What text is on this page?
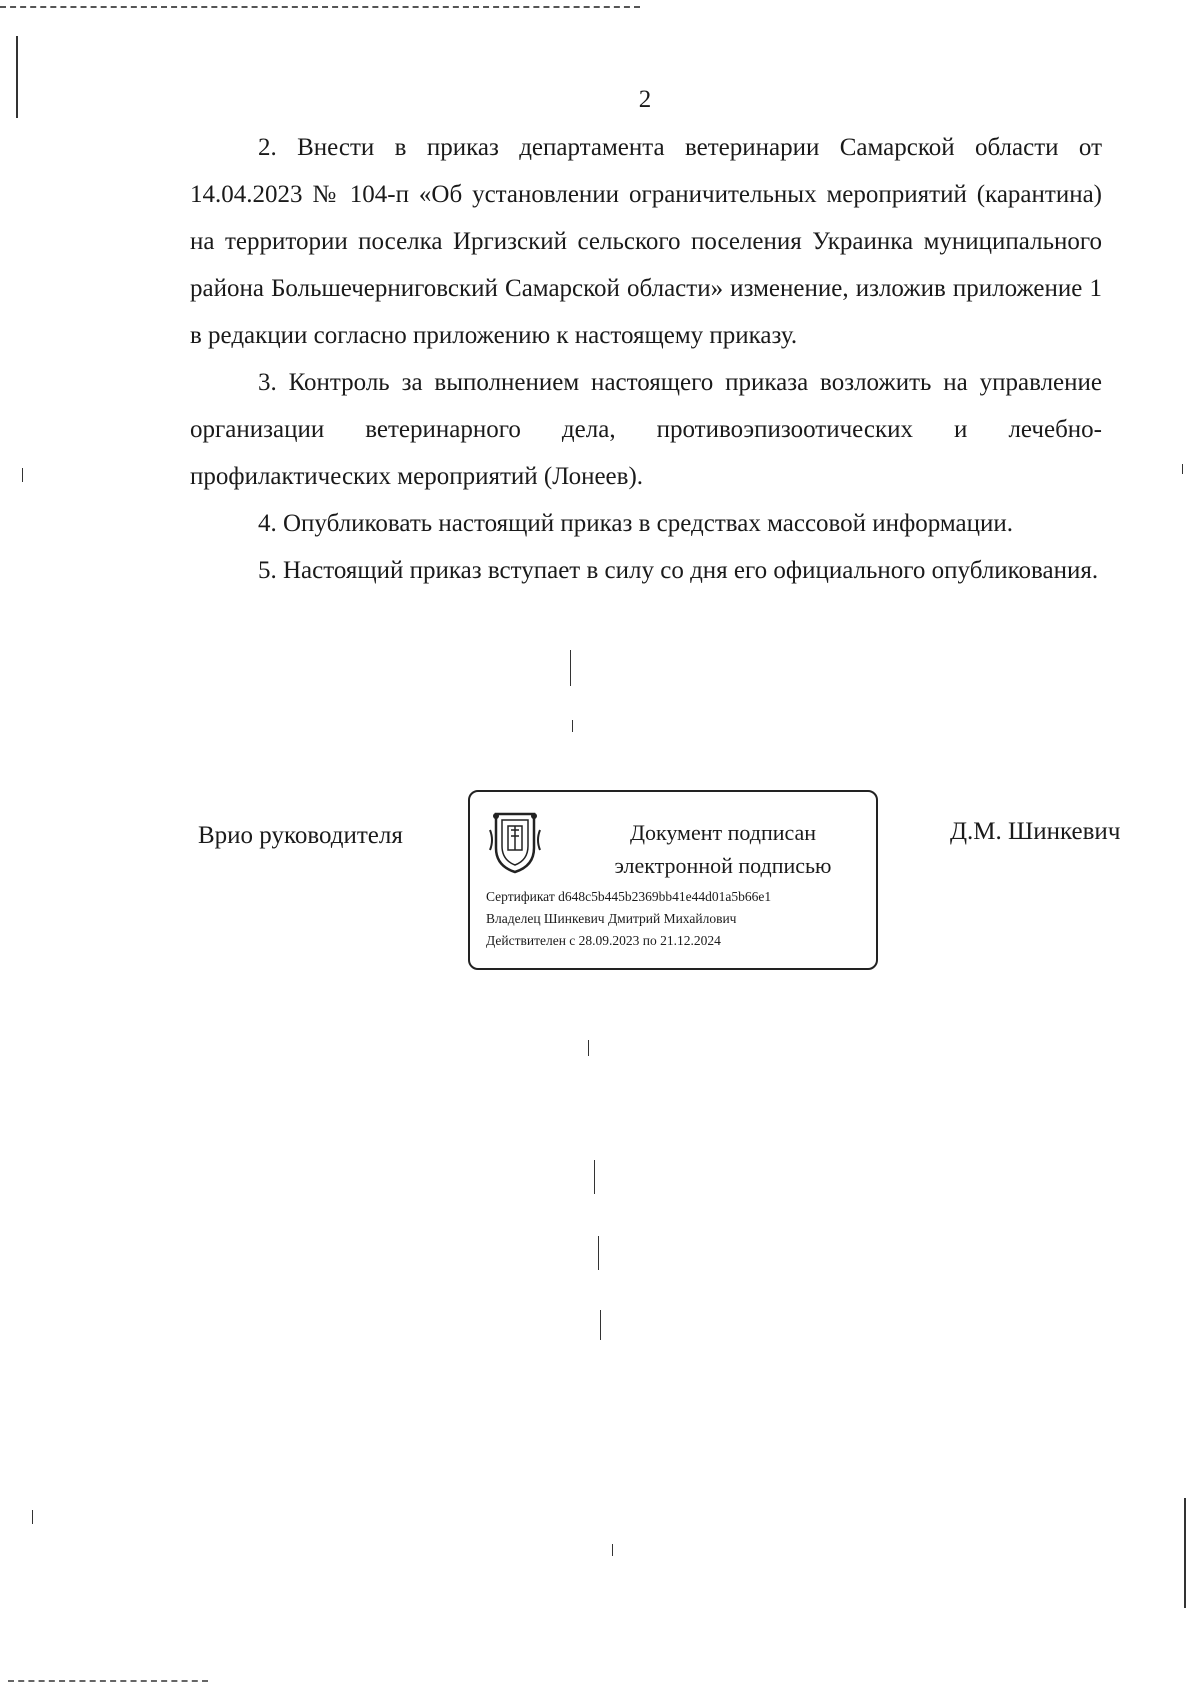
2

2. Внести в приказ департамента ветеринарии Самарской области от 14.04.2023 № 104-п «Об установлении ограничительных мероприятий (карантина) на территории поселка Иргизский сельского поселения Украинка муниципального района Большечерниговский Самарской области» изменение, изложив приложение 1 в редакции согласно приложению к настоящему приказу.

3. Контроль за выполнением настоящего приказа возложить на управление организации ветеринарного дела, противоэпизоотических и лечебно-профилактических мероприятий (Лонеев).

4. Опубликовать настоящий приказ в средствах массовой информации.

5. Настоящий приказ вступает в силу со дня его официального опубликования.

Врио руководителя	Документ подписан
электронной подписью
Сертификат d648c5b445b2369bb41e44d01a5b66e1
Владелец Шинкевич Дмитрий Михайлович
Действителен с 28.09.2023 по 21.12.2024
Д.М. Шинкевич
